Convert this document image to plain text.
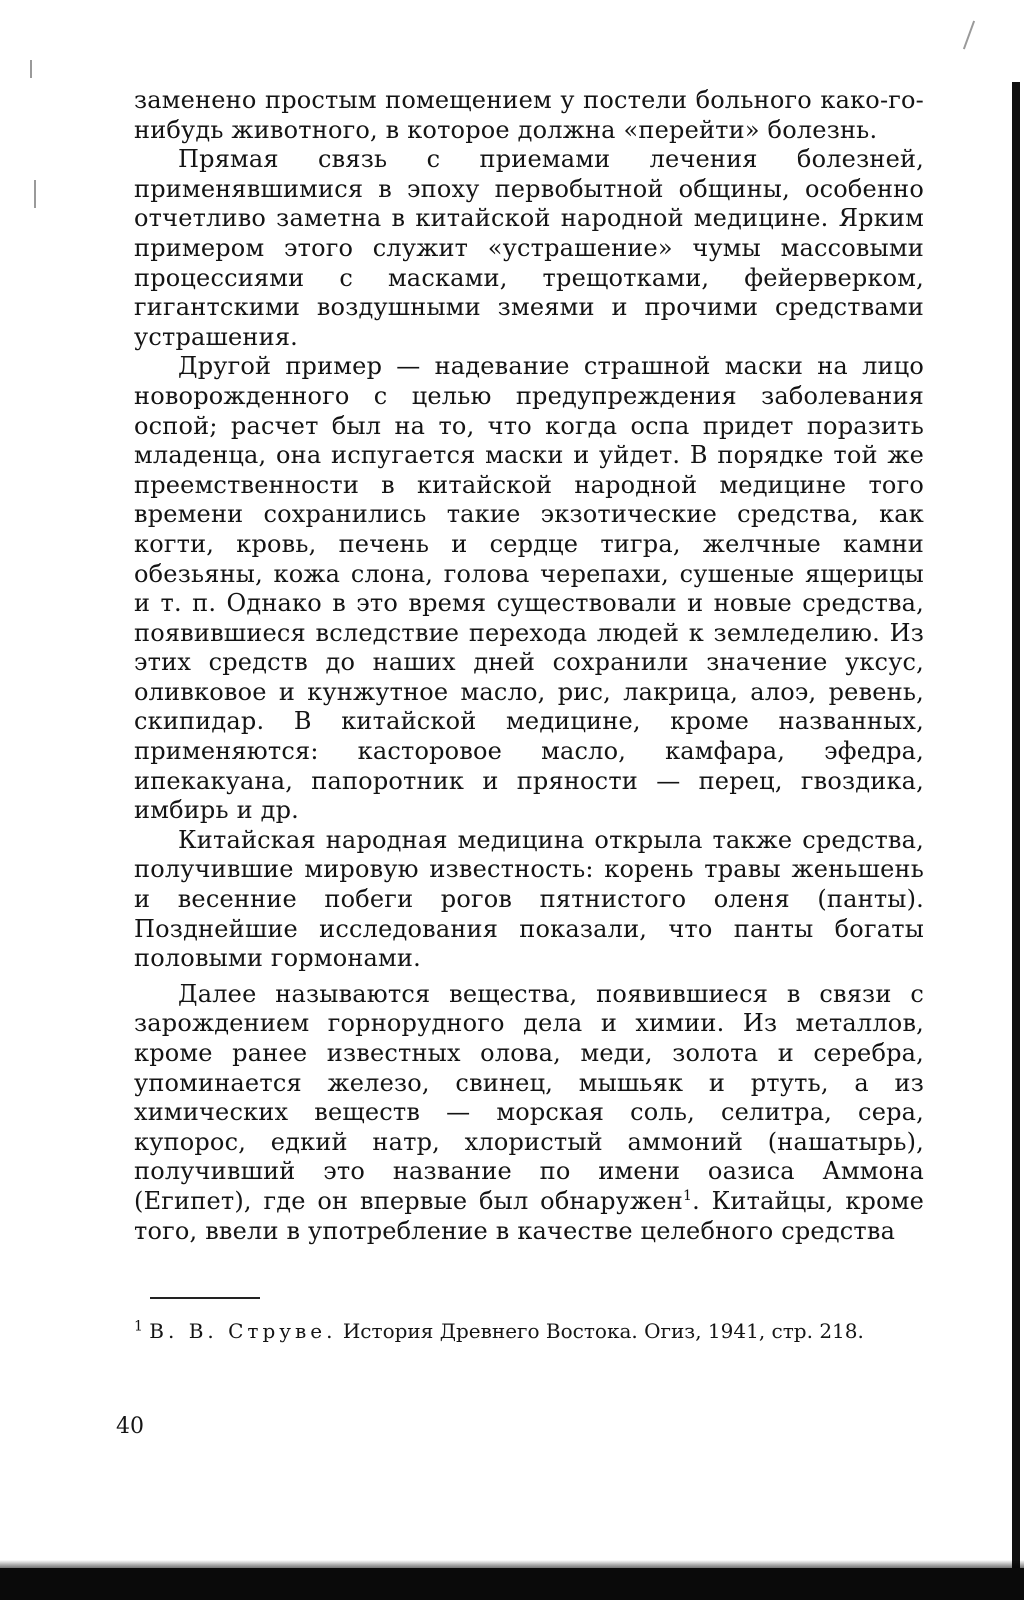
заменено простым помещением у постели больного како-го-нибудь животного, в которое должна «перейти» болезнь.

Прямая связь с приемами лечения болезней, применявшимися в эпоху первобытной общины, особенно отчетливо заметна в китайской народной медицине. Ярким примером этого служит «устрашение» чумы массовыми процессиями с масками, трещотками, фейерверком, гигантскими воздушными змеями и прочими средствами устрашения.

Другой пример — надевание страшной маски на лицо новорожденного с целью предупреждения заболевания оспой; расчет был на то, что когда оспа придет поразить младенца, она испугается маски и уйдет. В порядке той же преемственности в китайской народной медицине того времени сохранились такие экзотические средства, как когти, кровь, печень и сердце тигра, желчные камни обезьяны, кожа слона, голова черепахи, сушеные ящерицы и т. п. Однако в это время существовали и новые средства, появившиеся вследствие перехода людей к земледелию. Из этих средств до наших дней сохранили значение уксус, оливковое и кунжутное масло, рис, лакрица, алоэ, ревень, скипидар. В китайской медицине, кроме названных, применяются: касторовое масло, камфара, эфедра, ипекакуана, папоротник и пряности — перец, гвоздика, имбирь и др.

Китайская народная медицина открыла также средства, получившие мировую известность: корень травы женьшень и весенние побеги рогов пятнистого оленя (панты). Позднейшие исследования показали, что панты богаты половыми гормонами.

Далее называются вещества, появившиеся в связи с зарождением горнорудного дела и химии. Из металлов, кроме ранее известных олова, меди, золота и серебра, упоминается железо, свинец, мышьяк и ртуть, а из химических веществ — морская соль, селитра, сера, купорос, едкий натр, хлористый аммоний (нашатырь), получивший это название по имени оазиса Аммона (Египет), где он впервые был обнаружен$^1$. Китайцы, кроме того, ввели в употребление в качестве целебного средства

$^1$ В. В. Струве. История Древнего Востока. Огиз, 1941, стр. 218.
40
